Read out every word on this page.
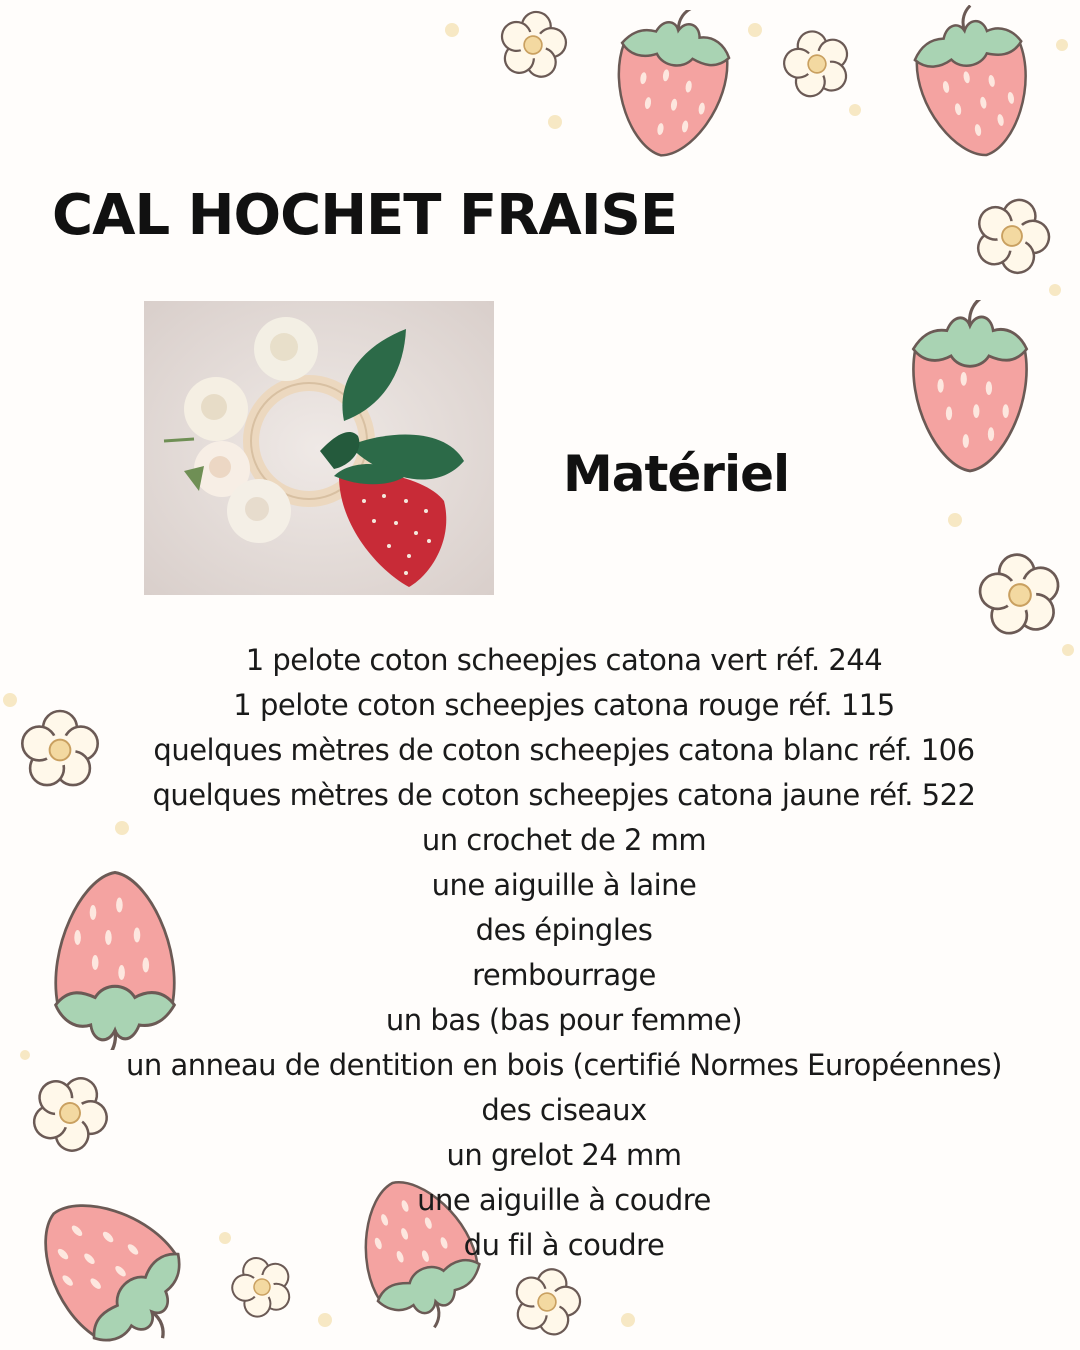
CAL HOCHET FRAISE
Matériel
1 pelote coton scheepjes catona vert réf. 244
1 pelote coton scheepjes catona rouge réf. 115
quelques mètres de coton scheepjes catona blanc réf. 106
quelques mètres de coton scheepjes catona jaune réf. 522
un crochet de 2 mm
une aiguille à laine
des épingles
rembourrage
un bas (bas pour femme)
un anneau de dentition en bois (certifié Normes Européennes)
des ciseaux
un grelot 24 mm
une aiguille à coudre
du fil à coudre
